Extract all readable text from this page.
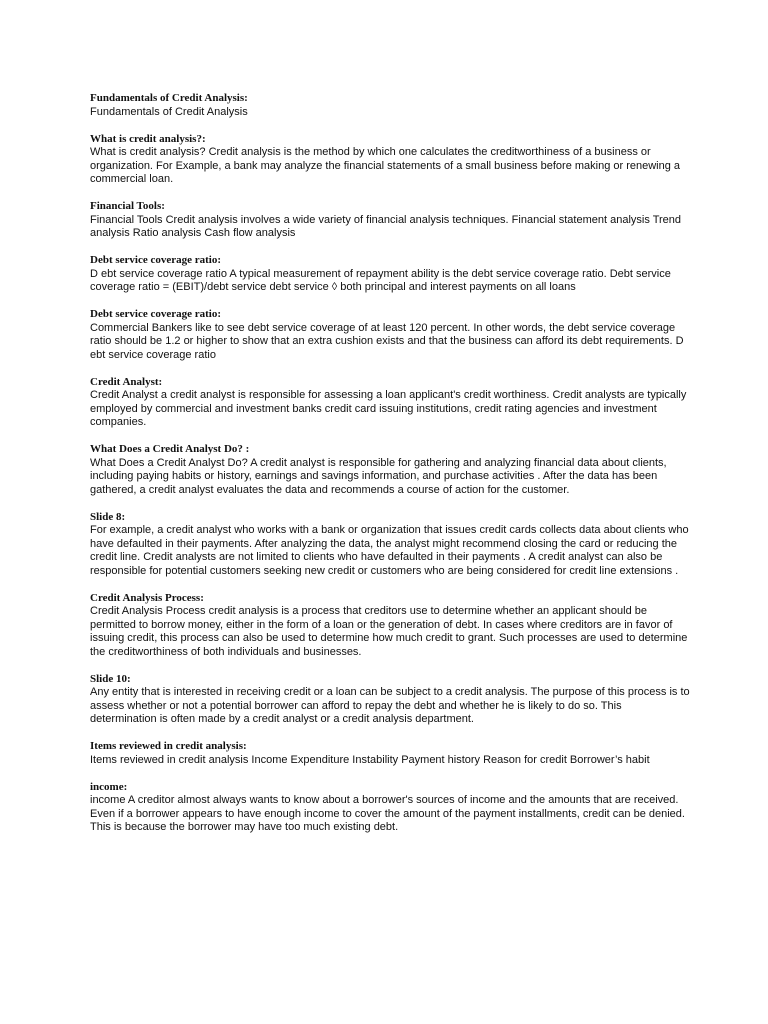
Fundamentals of Credit Analysis:

Fundamentals of Credit Analysis

What is credit analysis?:

What is credit analysis? Credit analysis is the method by which one calculates the creditworthiness of a business or organization. For Example, a bank may analyze the financial statements of a small business before making or renewing a commercial loan.

Financial Tools:

Financial Tools Credit analysis involves a wide variety of financial analysis techniques. Financial statement analysis Trend analysis Ratio analysis Cash flow analysis

Debt service coverage ratio:

D ebt service coverage ratio A typical measurement of repayment ability is the debt service coverage ratio. Debt service coverage ratio = (EBIT)/debt service debt service ◊ both principal and interest payments on all loans

Debt service coverage ratio:

Commercial Bankers like to see debt service coverage of at least 120 percent. In other words, the debt service coverage ratio should be 1.2 or higher to show that an extra cushion exists and that the business can afford its debt requirements. D ebt service coverage ratio

Credit Analyst:

Credit Analyst a credit analyst is responsible for assessing a loan applicant's credit worthiness. Credit analysts are typically employed by commercial and investment banks credit card issuing institutions, credit rating agencies and investment companies.

What Does a Credit Analyst Do? :

What Does a Credit Analyst Do? A credit analyst is responsible for gathering and analyzing financial data about clients, including paying habits or history, earnings and savings information, and purchase activities . After the data has been gathered, a credit analyst evaluates the data and recommends a course of action for the customer.

Slide 8:

For example, a credit analyst who works with a bank or organization that issues credit cards collects data about clients who have defaulted in their payments. After analyzing the data, the analyst might recommend closing the card or reducing the credit line. Credit analysts are not limited to clients who have defaulted in their payments . A credit analyst can also be responsible for potential customers seeking new credit or customers who are being considered for credit line extensions .

Credit Analysis Process:

Credit Analysis Process credit analysis is a process that creditors use to determine whether an applicant should be permitted to borrow money, either in the form of a loan or the generation of debt. In cases where creditors are in favor of issuing credit, this process can also be used to determine how much credit to grant. Such processes are used to determine the creditworthiness of both individuals and businesses.

Slide 10:

Any entity that is interested in receiving credit or a loan can be subject to a credit analysis. The purpose of this process is to assess whether or not a potential borrower can afford to repay the debt and whether he is likely to do so. This determination is often made by a credit analyst or a credit analysis department.

Items reviewed in credit analysis:

Items reviewed in credit analysis Income Expenditure Instability Payment history Reason for credit Borrower’s habit

income:

income A creditor almost always wants to know about a borrower's sources of income and the amounts that are received. Even if a borrower appears to have enough income to cover the amount of the payment installments, credit can be denied. This is because the borrower may have too much existing debt.
